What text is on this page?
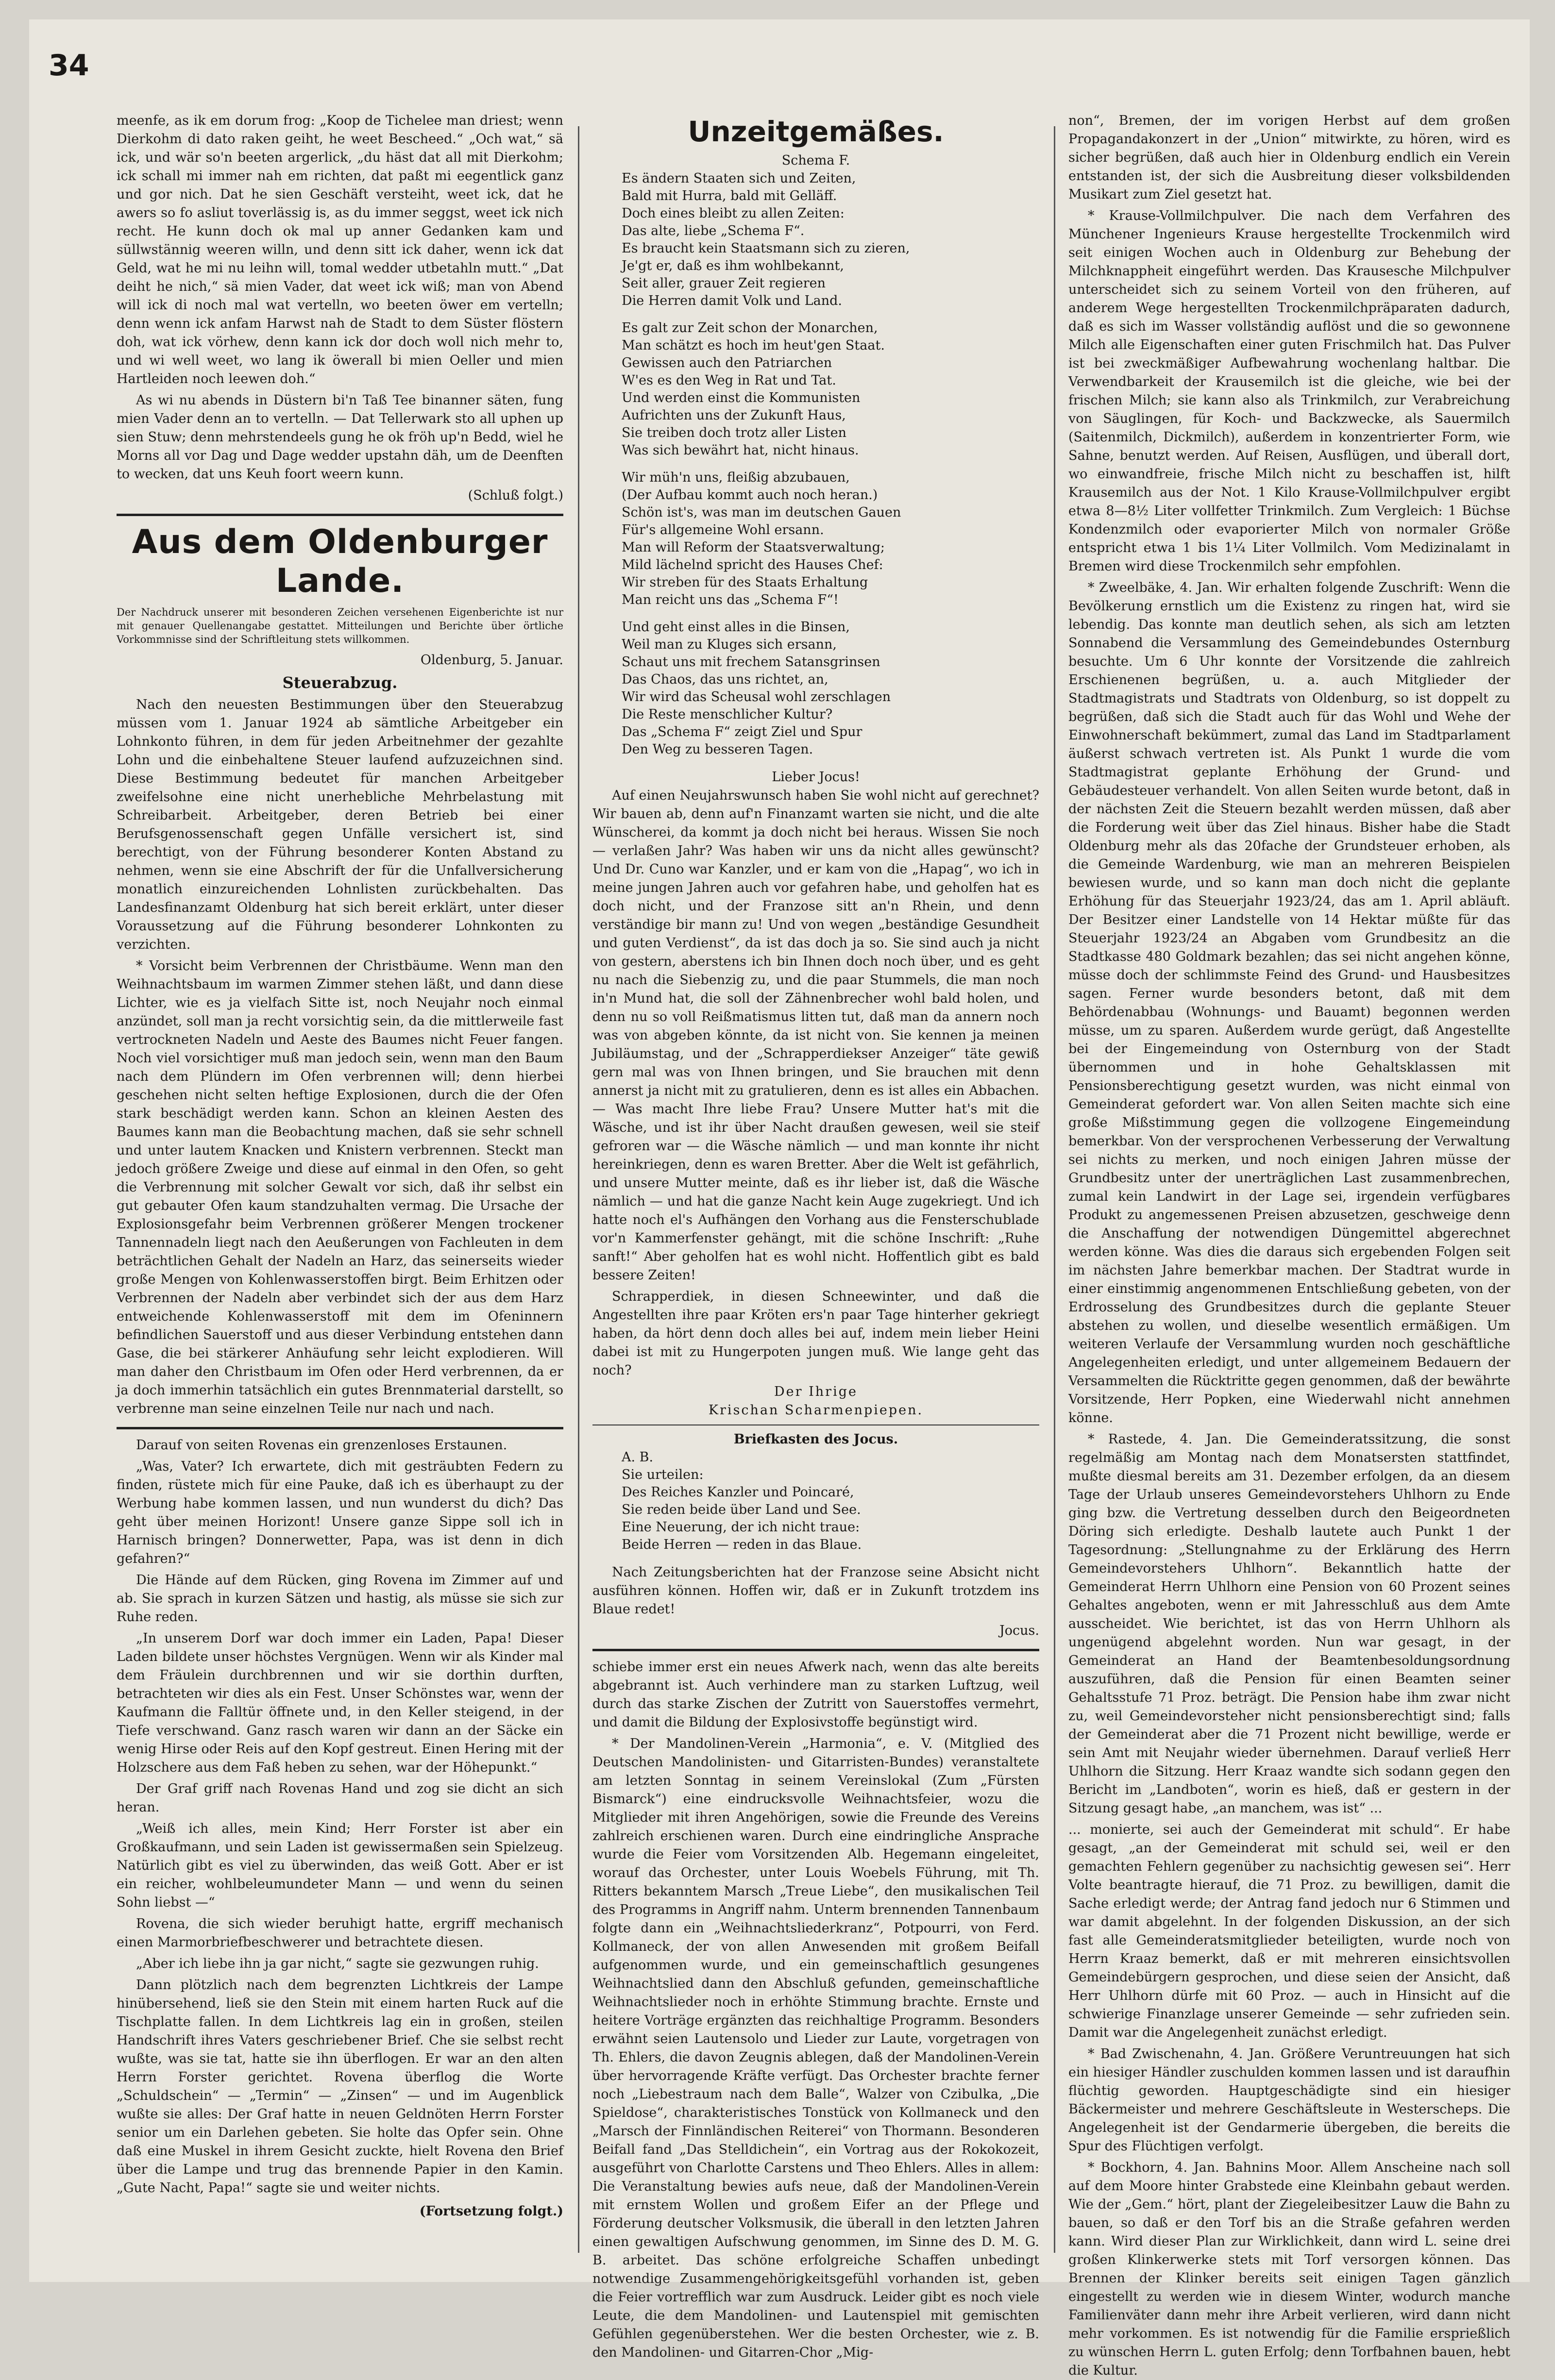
34

meenfe, as ik em dorum frog: „Koop de Tichelee man driest; wenn Dierkohm di dato raken geiht, he weet Bescheed.“ „Och wat,“ sä ick, und wär so'n beeten argerlick, „du häst dat all mit Dierkohm; ick schall mi immer nah em richten, dat paßt mi eegentlick ganz und gor nich. Dat he sien Geschäft versteiht, weet ick, dat he awers so fo asliut toverlässig is, as du immer seggst, weet ick nich recht. He kunn doch ok mal up anner Gedanken kam und süllwstännig weeren willn, und denn sitt ick daher, wenn ick dat Geld, wat he mi nu leihn will, tomal wedder utbetahln mutt.“ „Dat deiht he nich,“ sä mien Vader, dat weet ick wiß; man von Abend will ick di noch mal wat vertelln, wo beeten öwer em vertelln; denn wenn ick anfam Harwst nah de Stadt to dem Süster flöstern doh, wat ick vörhew, denn kann ick dor doch woll nich mehr to, und wi well weet, wo lang ik öwerall bi mien Oeller und mien Hartleiden noch leewen doh.“

As wi nu abends in Düstern bi'n Taß Tee binanner säten, fung mien Vader denn an to vertelln. — Dat Tellerwark sto all uphen up sien Stuw; denn mehrstendeels gung he ok fröh up'n Bedd, wiel he Morns all vor Dag und Dage wedder upstahn däh, um de Deenften to wecken, dat uns Keuh foort weern kunn.

(Schluß folgt.)
Aus dem Oldenburger Lande.
Der Nachdruck unserer mit besonderen Zeichen versehenen Eigenberichte ist nur mit genauer Quellenangabe gestattet. Mitteilungen und Berichte über örtliche Vorkommnisse sind der Schriftleitung stets willkommen.
Oldenburg, 5. Januar.
Steuerabzug.

Nach den neuesten Bestimmungen über den Steuerabzug müssen vom 1. Januar 1924 ab sämtliche Arbeitgeber ein Lohnkonto führen, in dem für jeden Arbeitnehmer der gezahlte Lohn und die einbehaltene Steuer laufend aufzuzeichnen sind. Diese Bestimmung bedeutet für manchen Arbeitgeber zweifelsohne eine nicht unerhebliche Mehrbelastung mit Schreibarbeit. Arbeitgeber, deren Betrieb bei einer Berufsgenossenschaft gegen Unfälle versichert ist, sind berechtigt, von der Führung besonderer Konten Abstand zu nehmen, wenn sie eine Abschrift der für die Unfallversicherung monatlich einzureichenden Lohnlisten zurückbehalten. Das Landesfinanzamt Oldenburg hat sich bereit erklärt, unter dieser Voraussetzung auf die Führung besonderer Lohnkonten zu verzichten.

* Vorsicht beim Verbrennen der Christbäume. Wenn man den Weihnachtsbaum im warmen Zimmer stehen läßt, und dann diese Lichter, wie es ja vielfach Sitte ist, noch Neujahr noch einmal anzündet, soll man ja recht vorsichtig sein, da die mittlerweile fast vertrockneten Nadeln und Aeste des Baumes nicht Feuer fangen. Noch viel vorsichtiger muß man jedoch sein, wenn man den Baum nach dem Plündern im Ofen verbrennen will; denn hierbei geschehen nicht selten heftige Explosionen, durch die der Ofen stark beschädigt werden kann. Schon an kleinen Aesten des Baumes kann man die Beobachtung machen, daß sie sehr schnell und unter lautem Knacken und Knistern verbrennen. Steckt man jedoch größere Zweige und diese auf einmal in den Ofen, so geht die Verbrennung mit solcher Gewalt vor sich, daß ihr selbst ein gut gebauter Ofen kaum standzuhalten vermag. Die Ursache der Explosionsgefahr beim Verbrennen größerer Mengen trockener Tannennadeln liegt nach den Aeußerungen von Fachleuten in dem beträchtlichen Gehalt der Nadeln an Harz, das seinerseits wieder große Mengen von Kohlenwasserstoffen birgt. Beim Erhitzen oder Verbrennen der Nadeln aber verbindet sich der aus dem Harz entweichende Kohlenwasserstoff mit dem im Ofeninnern befindlichen Sauerstoff und aus dieser Verbindung entstehen dann Gase, die bei stärkerer Anhäufung sehr leicht explodieren. Will man daher den Christbaum im Ofen oder Herd verbrennen, da er ja doch immerhin tatsächlich ein gutes Brennmaterial darstellt, so verbrenne man seine einzelnen Teile nur nach und nach.

Darauf von seiten Rovenas ein grenzenloses Erstaunen.

„Was, Vater? Ich erwartete, dich mit gesträubten Federn zu finden, rüstete mich für eine Pauke, daß ich es überhaupt zu der Werbung habe kommen lassen, und nun wunderst du dich? Das geht über meinen Horizont! Unsere ganze Sippe soll ich in Harnisch bringen? Donnerwetter, Papa, was ist denn in dich gefahren?“

Die Hände auf dem Rücken, ging Rovena im Zimmer auf und ab. Sie sprach in kurzen Sätzen und hastig, als müsse sie sich zur Ruhe reden.

„In unserem Dorf war doch immer ein Laden, Papa! Dieser Laden bildete unser höchstes Vergnügen. Wenn wir als Kinder mal dem Fräulein durchbrennen und wir sie dorthin durften, betrachteten wir dies als ein Fest. Unser Schönstes war, wenn der Kaufmann die Falltür öffnete und, in den Keller steigend, in der Tiefe verschwand. Ganz rasch waren wir dann an der Säcke ein wenig Hirse oder Reis auf den Kopf gestreut. Einen Hering mit der Holzschere aus dem Faß heben zu sehen, war der Höhepunkt.“

Der Graf griff nach Rovenas Hand und zog sie dicht an sich heran.

„Weiß ich alles, mein Kind; Herr Forster ist aber ein Großkaufmann, und sein Laden ist gewissermaßen sein Spielzeug. Natürlich gibt es viel zu überwinden, das weiß Gott. Aber er ist ein reicher, wohlbeleumundeter Mann — und wenn du seinen Sohn liebst —“

Rovena, die sich wieder beruhigt hatte, ergriff mechanisch einen Marmorbriefbeschwerer und betrachtete diesen.

„Aber ich liebe ihn ja gar nicht,“ sagte sie gezwungen ruhig.

Dann plötzlich nach dem begrenzten Lichtkreis der Lampe hinübersehend, ließ sie den Stein mit einem harten Ruck auf die Tischplatte fallen. In dem Lichtkreis lag ein in großen, steilen Handschrift ihres Vaters geschriebener Brief. Che sie selbst recht wußte, was sie tat, hatte sie ihn überflogen. Er war an den alten Herrn Forster gerichtet. Rovena überflog die Worte „Schuldschein“ — „Termin“ — „Zinsen“ — und im Augenblick wußte sie alles: Der Graf hatte in neuen Geldnöten Herrn Forster senior um ein Darlehen gebeten. Sie holte das Opfer sein. Ohne daß eine Muskel in ihrem Gesicht zuckte, hielt Rovena den Brief über die Lampe und trug das brennende Papier in den Kamin. „Gute Nacht, Papa!“ sagte sie und weiter nichts.

(Fortsetzung folgt.)
Unzeitgemäßes.
Schema F.
Es ändern Staaten sich und Zeiten,
Bald mit Hurra, bald mit Gelläff.
Doch eines bleibt zu allen Zeiten:
Das alte, liebe „Schema F“.
Es braucht kein Staatsmann sich zu zieren,
Je'gt er, daß es ihm wohlbekannt,
Seit aller, grauer Zeit regieren
Die Herren damit Volk und Land.
Es galt zur Zeit schon der Monarchen,
Man schätzt es hoch im heut'gen Staat.
Gewissen auch den Patriarchen
W'es es den Weg in Rat und Tat.
Und werden einst die Kommunisten
Aufrichten uns der Zukunft Haus,
Sie treiben doch trotz aller Listen
Was sich bewährt hat, nicht hinaus.
Wir müh'n uns, fleißig abzubauen,
(Der Aufbau kommt auch noch heran.)
Schön ist's, was man im deutschen Gauen
Für's allgemeine Wohl ersann.
Man will Reform der Staatsverwaltung;
Mild lächelnd spricht des Hauses Chef:
Wir streben für des Staats Erhaltung
Man reicht uns das „Schema F“!
Und geht einst alles in die Binsen,
Weil man zu Kluges sich ersann,
Schaut uns mit frechem Satansgrinsen
Das Chaos, das uns richtet, an,
Wir wird das Scheusal wohl zerschlagen
Die Reste menschlicher Kultur?
Das „Schema F“ zeigt Ziel und Spur
Den Weg zu besseren Tagen.
Lieber Jocus!

Auf einen Neujahrswunsch haben Sie wohl nicht auf gerechnet? Wir bauen ab, denn auf'n Finanzamt warten sie nicht, und die alte Wünscherei, da kommt ja doch nicht bei heraus. Wissen Sie noch — verlaßen Jahr? Was haben wir uns da nicht alles gewünscht? Und Dr. Cuno war Kanzler, und er kam von die „Hapag“, wo ich in meine jungen Jahren auch vor gefahren habe, und geholfen hat es doch nicht, und der Franzose sitt an'n Rhein, und denn verständige bir mann zu! Und von wegen „beständige Gesundheit und guten Verdienst“, da ist das doch ja so. Sie sind auch ja nicht von gestern, aberstens ich bin Ihnen doch noch über, und es geht nu nach die Siebenzig zu, und die paar Stummels, die man noch in'n Mund hat, die soll der Zähnenbrecher wohl bald holen, und denn nu so voll Reißmatismus litten tut, daß man da annern noch was von abgeben könnte, da ist nicht von. Sie kennen ja meinen Jubiläumstag, und der „Schrapperdiekser Anzeiger“ täte gewiß gern mal was von Ihnen bringen, und Sie brauchen mit denn annerst ja nicht mit zu gratulieren, denn es ist alles ein Abbachen. — Was macht Ihre liebe Frau? Unsere Mutter hat's mit die Wäsche, und ist ihr über Nacht draußen gewesen, weil sie steif gefroren war — die Wäsche nämlich — und man konnte ihr nicht hereinkriegen, denn es waren Bretter. Aber die Welt ist gefährlich, und unsere Mutter meinte, daß es ihr lieber ist, daß die Wäsche nämlich — und hat die ganze Nacht kein Auge zugekriegt. Und ich hatte noch el's Aufhängen den Vorhang aus die Fensterschublade vor'n Kammerfenster gehängt, mit die schöne Inschrift: „Ruhe sanft!“ Aber geholfen hat es wohl nicht. Hoffentlich gibt es bald bessere Zeiten!

Schrapperdiek, in diesen Schneewinter, und daß die Angestellten ihre paar Kröten ers'n paar Tage hinterher gekriegt haben, da hört denn doch alles bei auf, indem mein lieber Heini dabei ist mit zu Hungerpoten jungen muß. Wie lange geht das noch?

Der Ihrige
Krischan Scharmenpiepen.
Briefkasten des Jocus.
A. B.
Sie urteilen:
Des Reiches Kanzler und Poincaré,
Sie reden beide über Land und See.
Eine Neuerung, der ich nicht traue:
Beide Herren — reden in das Blaue.

Nach Zeitungsberichten hat der Franzose seine Absicht nicht ausführen können. Hoffen wir, daß er in Zukunft trotzdem ins Blaue redet!

Jocus.

schiebe immer erst ein neues Afwerk nach, wenn das alte bereits abgebrannt ist. Auch verhindere man zu starken Luftzug, weil durch das starke Zischen der Zutritt von Sauerstoffes vermehrt, und damit die Bildung der Explosivstoffe begünstigt wird.

* Der Mandolinen-Verein „Harmonia“, e. V. (Mitglied des Deutschen Mandolinisten- und Gitarristen-Bundes) veranstaltete am letzten Sonntag in seinem Vereinslokal (Zum „Fürsten Bismarck“) eine eindrucksvolle Weihnachtsfeier, wozu die Mitglieder mit ihren Angehörigen, sowie die Freunde des Vereins zahlreich erschienen waren. Durch eine eindringliche Ansprache wurde die Feier vom Vorsitzenden Alb. Hegemann eingeleitet, worauf das Orchester, unter Louis Woebels Führung, mit Th. Ritters bekanntem Marsch „Treue Liebe“, den musikalischen Teil des Programms in Angriff nahm. Unterm brennenden Tannenbaum folgte dann ein „Weihnachtsliederkranz“, Potpourri, von Ferd. Kollmaneck, der von allen Anwesenden mit großem Beifall aufgenommen wurde, und ein gemeinschaftlich gesungenes Weihnachtslied dann den Abschluß gefunden, gemeinschaftliche Weihnachtslieder noch in erhöhte Stimmung brachte. Ernste und heitere Vorträge ergänzten das reichhaltige Programm. Besonders erwähnt seien Lautensolo und Lieder zur Laute, vorgetragen von Th. Ehlers, die davon Zeugnis ablegen, daß der Mandolinen-Verein über hervorragende Kräfte verfügt. Das Orchester brachte ferner noch „Liebestraum nach dem Balle“, Walzer von Czibulka, „Die Spieldose“, charakteristisches Tonstück von Kollmaneck und den „Marsch der Finnländischen Reiterei“ von Thormann. Besonderen Beifall fand „Das Stelldichein“, ein Vortrag aus der Rokokozeit, ausgeführt von Charlotte Carstens und Theo Ehlers. Alles in allem: Die Veranstaltung bewies aufs neue, daß der Mandolinen-Verein mit ernstem Wollen und großem Eifer an der Pflege und Förderung deutscher Volksmusik, die überall in den letzten Jahren einen gewaltigen Aufschwung genommen, im Sinne des D. M. G. B. arbeitet. Das schöne erfolgreiche Schaffen unbedingt notwendige Zusammengehörigkeitsgefühl vorhanden ist, geben die Feier vortrefflich war zum Ausdruck. Leider gibt es noch viele Leute, die dem Mandolinen- und Lautenspiel mit gemischten Gefühlen gegenüberstehen. Wer die besten Orchester, wie z. B. den Mandolinen- und Gitarren-Chor „Mig-

non“, Bremen, der im vorigen Herbst auf dem großen Propagandakonzert in der „Union“ mitwirkte, zu hören, wird es sicher begrüßen, daß auch hier in Oldenburg endlich ein Verein entstanden ist, der sich die Ausbreitung dieser volksbildenden Musikart zum Ziel gesetzt hat.

* Krause-Vollmilchpulver. Die nach dem Verfahren des Münchener Ingenieurs Krause hergestellte Trockenmilch wird seit einigen Wochen auch in Oldenburg zur Behebung der Milchknappheit eingeführt werden. Das Krausesche Milchpulver unterscheidet sich zu seinem Vorteil von den früheren, auf anderem Wege hergestellten Trockenmilchpräparaten dadurch, daß es sich im Wasser vollständig auflöst und die so gewonnene Milch alle Eigenschaften einer guten Frischmilch hat. Das Pulver ist bei zweckmäßiger Aufbewahrung wochenlang haltbar. Die Verwendbarkeit der Krausemilch ist die gleiche, wie bei der frischen Milch; sie kann also als Trinkmilch, zur Verabreichung von Säuglingen, für Koch- und Backzwecke, als Sauermilch (Saitenmilch, Dickmilch), außerdem in konzentrierter Form, wie Sahne, benutzt werden. Auf Reisen, Ausflügen, und überall dort, wo einwandfreie, frische Milch nicht zu beschaffen ist, hilft Krausemilch aus der Not. 1 Kilo Krause-Vollmilchpulver ergibt etwa 8—8½ Liter vollfetter Trinkmilch. Zum Vergleich: 1 Büchse Kondenzmilch oder evaporierter Milch von normaler Größe entspricht etwa 1 bis 1¼ Liter Vollmilch. Vom Medizinalamt in Bremen wird diese Trockenmilch sehr empfohlen.

* Zweelbäke, 4. Jan. Wir erhalten folgende Zuschrift: Wenn die Bevölkerung ernstlich um die Existenz zu ringen hat, wird sie lebendig. Das konnte man deutlich sehen, als sich am letzten Sonnabend die Versammlung des Gemeindebundes Osternburg besuchte. Um 6 Uhr konnte der Vorsitzende die zahlreich Erschienenen begrüßen, u. a. auch Mitglieder der Stadtmagistrats und Stadtrats von Oldenburg, so ist doppelt zu begrüßen, daß sich die Stadt auch für das Wohl und Wehe der Einwohnerschaft bekümmert, zumal das Land im Stadtparlament äußerst schwach vertreten ist. Als Punkt 1 wurde die vom Stadtmagistrat geplante Erhöhung der Grund- und Gebäudesteuer verhandelt. Von allen Seiten wurde betont, daß in der nächsten Zeit die Steuern bezahlt werden müssen, daß aber die Forderung weit über das Ziel hinaus. Bisher habe die Stadt Oldenburg mehr als das 20fache der Grundsteuer erhoben, als die Gemeinde Wardenburg, wie man an mehreren Beispielen bewiesen wurde, und so kann man doch nicht die geplante Erhöhung für das Steuerjahr 1923/24, das am 1. April abläuft. Der Besitzer einer Landstelle von 14 Hektar müßte für das Steuerjahr 1923/24 an Abgaben vom Grundbesitz an die Stadtkasse 480 Goldmark bezahlen; das sei nicht angehen könne, müsse doch der schlimmste Feind des Grund- und Hausbesitzes sagen. Ferner wurde besonders betont, daß mit dem Behördenabbau (Wohnungs- und Bauamt) begonnen werden müsse, um zu sparen. Außerdem wurde gerügt, daß Angestellte bei der Eingemeindung von Osternburg von der Stadt übernommen und in hohe Gehaltsklassen mit Pensionsberechtigung gesetzt wurden, was nicht einmal von Gemeinderat gefordert war. Von allen Seiten machte sich eine große Mißstimmung gegen die vollzogene Eingemeindung bemerkbar. Von der versprochenen Verbesserung der Verwaltung sei nichts zu merken, und noch einigen Jahren müsse der Grundbesitz unter der unerträglichen Last zusammenbrechen, zumal kein Landwirt in der Lage sei, irgendein verfügbares Produkt zu angemessenen Preisen abzusetzen, geschweige denn die Anschaffung der notwendigen Düngemittel abgerechnet werden könne. Was dies die daraus sich ergebenden Folgen seit im nächsten Jahre bemerkbar machen. Der Stadtrat wurde in einer einstimmig angenommenen Entschließung gebeten, von der Erdrosselung des Grundbesitzes durch die geplante Steuer abstehen zu wollen, und dieselbe wesentlich ermäßigen. Um weiteren Verlaufe der Versammlung wurden noch geschäftliche Angelegenheiten erledigt, und unter allgemeinem Bedauern der Versammelten die Rücktritte gegen genommen, daß der bewährte Vorsitzende, Herr Popken, eine Wiederwahl nicht annehmen könne.

* Rastede, 4. Jan. Die Gemeinderatssitzung, die sonst regelmäßig am Montag nach dem Monatsersten stattfindet, mußte diesmal bereits am 31. Dezember erfolgen, da an diesem Tage der Urlaub unseres Gemeindevorstehers Uhlhorn zu Ende ging bzw. die Vertretung desselben durch den Beigeordneten Döring sich erledigte. Deshalb lautete auch Punkt 1 der Tagesordnung: „Stellungnahme zu der Erklärung des Herrn Gemeindevorstehers Uhlhorn“. Bekanntlich hatte der Gemeinderat Herrn Uhlhorn eine Pension von 60 Prozent seines Gehaltes angeboten, wenn er mit Jahresschluß aus dem Amte ausscheidet. Wie berichtet, ist das von Herrn Uhlhorn als ungenügend abgelehnt worden. Nun war gesagt, in der Gemeinderat an Hand der Beamtenbesoldungsordnung auszuführen, daß die Pension für einen Beamten seiner Gehaltsstufe 71 Proz. beträgt. Die Pension habe ihm zwar nicht zu, weil Gemeindevorsteher nicht pensionsberechtigt sind; falls der Gemeinderat aber die 71 Prozent nicht bewillige, werde er sein Amt mit Neujahr wieder übernehmen. Darauf verließ Herr Uhlhorn die Sitzung. Herr Kraaz wandte sich sodann gegen den Bericht im „Landboten“, worin es hieß, daß er gestern in der Sitzung gesagt habe, „an manchem, was ist“ ...

... monierte, sei auch der Gemeinderat mit schuld“. Er habe gesagt, „an der Gemeinderat mit schuld sei, weil er den gemachten Fehlern gegenüber zu nachsichtig gewesen sei“. Herr Volte beantragte hierauf, die 71 Proz. zu bewilligen, damit die Sache erledigt werde; der Antrag fand jedoch nur 6 Stimmen und war damit abgelehnt. In der folgenden Diskussion, an der sich fast alle Gemeinderatsmitglieder beteiligten, wurde noch von Herrn Kraaz bemerkt, daß er mit mehreren einsichtsvollen Gemeindebürgern gesprochen, und diese seien der Ansicht, daß Herr Uhlhorn dürfe mit 60 Proz. — auch in Hinsicht auf die schwierige Finanzlage unserer Gemeinde — sehr zufrieden sein. Damit war die Angelegenheit zunächst erledigt.

* Bad Zwischenahn, 4. Jan. Größere Veruntreuungen hat sich ein hiesiger Händler zuschulden kommen lassen und ist daraufhin flüchtig geworden. Hauptgeschädigte sind ein hiesiger Bäckermeister und mehrere Geschäftsleute in Westerscheps. Die Angelegenheit ist der Gendarmerie übergeben, die bereits die Spur des Flüchtigen verfolgt.

* Bockhorn, 4. Jan. Bahnins Moor. Allem Anscheine nach soll auf dem Moore hinter Grabstede eine Kleinbahn gebaut werden. Wie der „Gem.“ hört, plant der Ziegeleibesitzer Lauw die Bahn zu bauen, so daß er den Torf bis an die Straße gefahren werden kann. Wird dieser Plan zur Wirklichkeit, dann wird L. seine drei großen Klinkerwerke stets mit Torf versorgen können. Das Brennen der Klinker bereits seit einigen Tagen gänzlich eingestellt zu werden wie in diesem Winter, wodurch manche Familienväter dann mehr ihre Arbeit verlieren, wird dann nicht mehr vorkommen. Es ist notwendig für die Familie ersprießlich zu wünschen Herrn L. guten Erfolg; denn Torfbahnen bauen, hebt die Kultur.
